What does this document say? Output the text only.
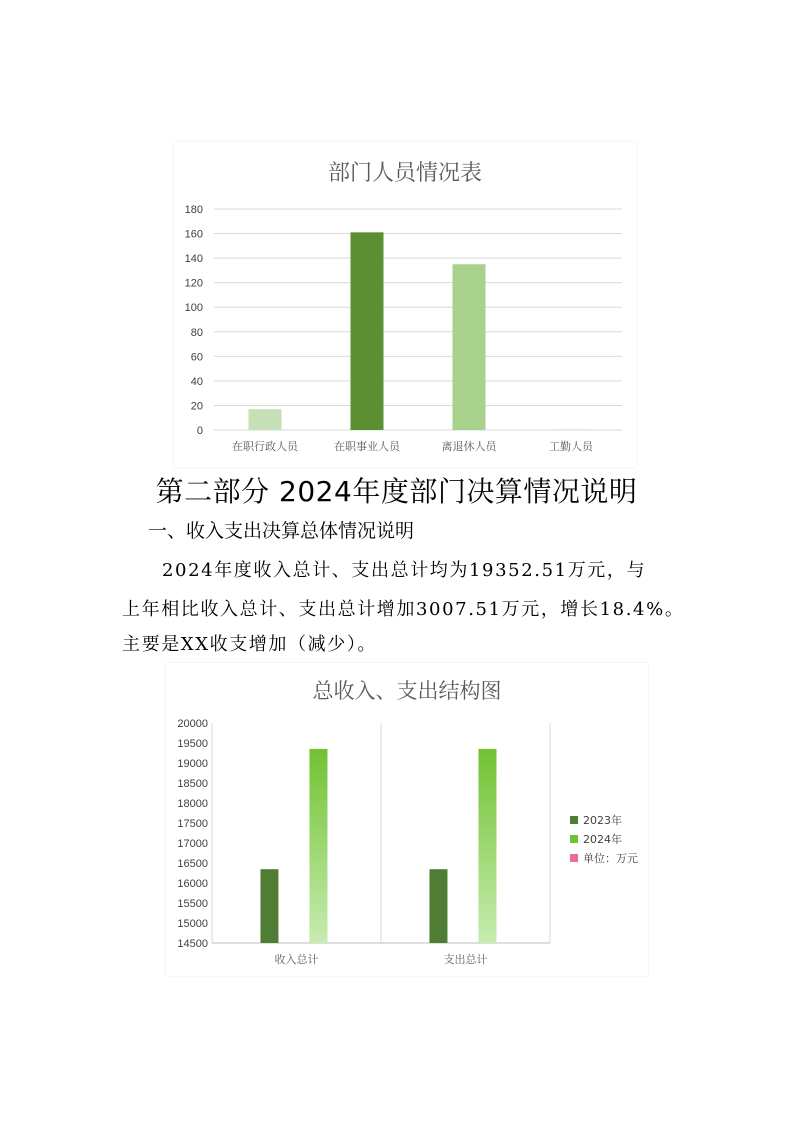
部门人员情况表
0
20
40
60
80
100
120
140
160
180
在职行政人员	在职事业人员	离退休人员	工勤人员
第二部分 2024年度部门决算情况说明
一、收入支出决算总体情况说明
2024年度收入总计、支出总计均为19352.51万元，与
上年相比收入总计、支出总计增加3007.51万元，增长18.4%。
主要是XX收支增加（减少）。
总收入、支出结构图
14500
15000
15500
16000
16500
17000
17500
18000
18500
19000
19500
20000
收入总计	支出总计
2023年
2024年
单位：万元
